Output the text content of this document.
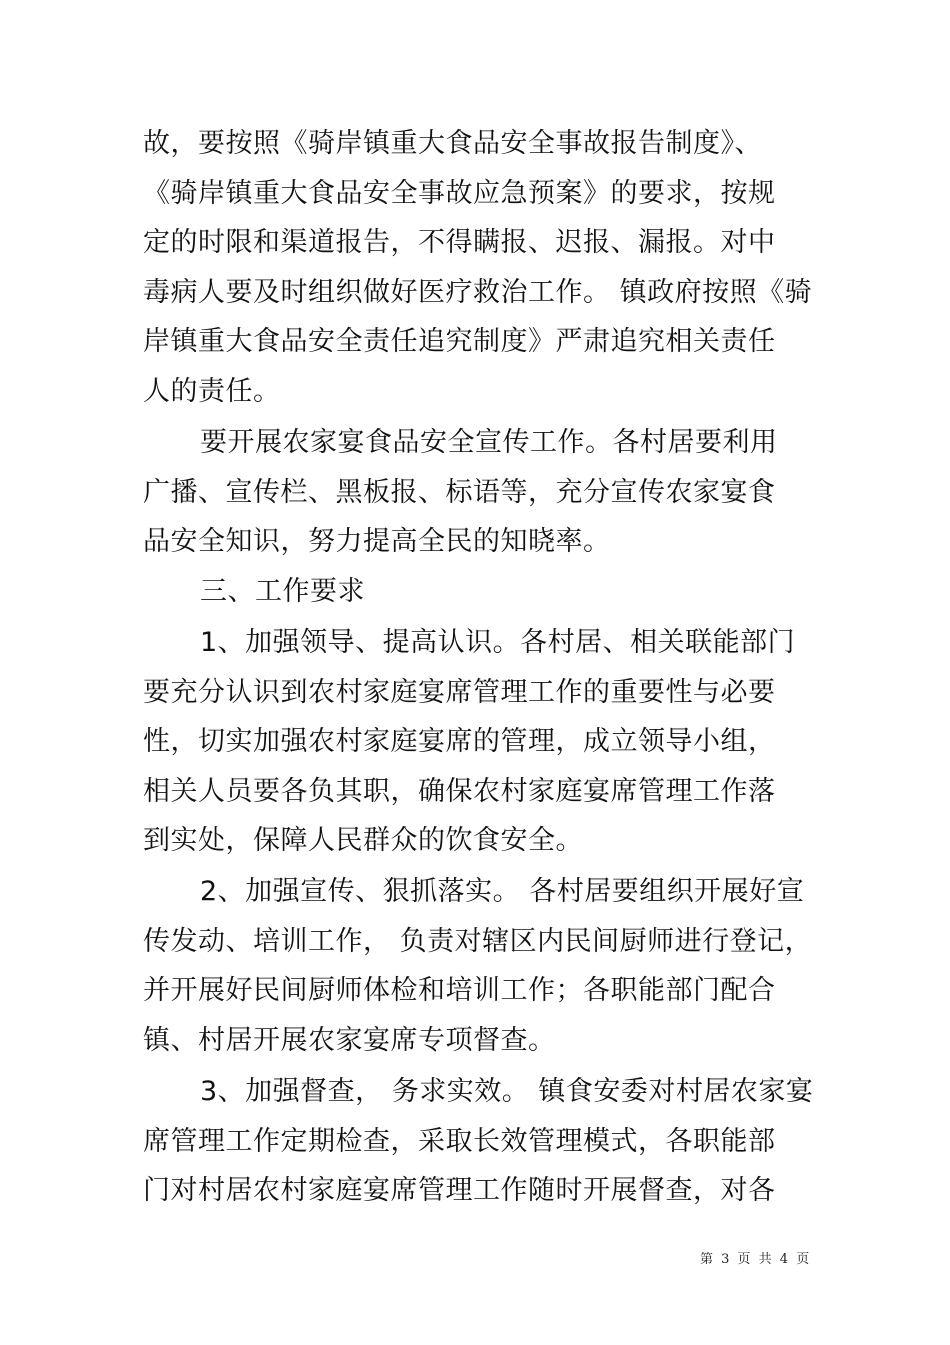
故，要按照《骑岸镇重大食品安全事故报告制度》、
《骑岸镇重大食品安全事故应急预案》的要求，按规
定的时限和渠道报告，不得瞒报、迟报、漏报。对中
毒病人要及时组织做好医疗救治工作。 镇政府按照《骑
岸镇重大食品安全责任追究制度》严肃追究相关责任
人的责任。
要开展农家宴食品安全宣传工作。各村居要利用
广播、宣传栏、黑板报、标语等，充分宣传农家宴食
品安全知识，努力提高全民的知晓率。
三、工作要求
1、加强领导、提高认识。各村居、相关联能部门
要充分认识到农村家庭宴席管理工作的重要性与必要
性，切实加强农村家庭宴席的管理，成立领导小组，
相关人员要各负其职，确保农村家庭宴席管理工作落
到实处，保障人民群众的饮食安全。
2、加强宣传、狠抓落实。 各村居要组织开展好宣
传发动、培训工作， 负责对辖区内民间厨师进行登记，
并开展好民间厨师体检和培训工作；各职能部门配合
镇、村居开展农家宴席专项督查。
3、加强督查， 务求实效。 镇食安委对村居农家宴
席管理工作定期检查，采取长效管理模式，各职能部
门对村居农村家庭宴席管理工作随时开展督查，对各
第 3 页 共 4 页
